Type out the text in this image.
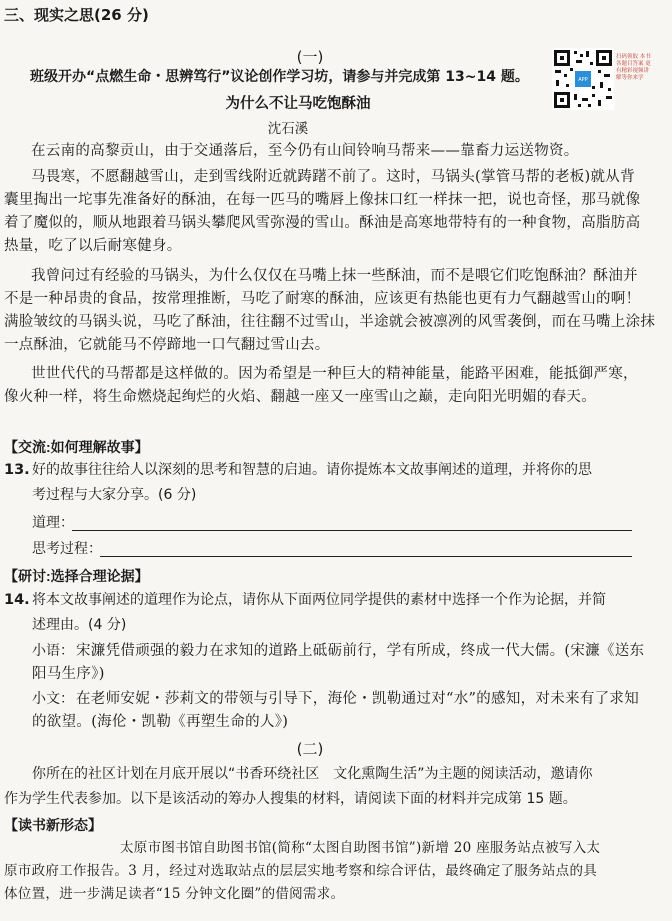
三、现实之思(26 分)
(一)
APP
扫码领取 本书各题目答案 更有精彩视频讲解等你来学
班级开办“点燃生命・思辨笃行”议论创作学习坊，请参与并完成第 13~14 题。
为什么不让马吃饱酥油
沈石溪
在云南的高黎贡山，由于交通落后，至今仍有山间铃响马帮来——靠畜力运送物资。
马畏寒，不愿翻越雪山，走到雪线附近就踌躇不前了。这时，马锅头(掌管马帮的老板)就从背
囊里掏出一坨事先准备好的酥油，在每一匹马的嘴唇上像抹口红一样抹一把，说也奇怪，那马就像
着了魔似的，顺从地跟着马锅头攀爬风雪弥漫的雪山。酥油是高寒地带特有的一种食物，高脂肪高
热量，吃了以后耐寒健身。
我曾问过有经验的马锅头，为什么仅仅在马嘴上抹一些酥油，而不是喂它们吃饱酥油？酥油并
不是一种昂贵的食品，按常理推断，马吃了耐寒的酥油，应该更有热能也更有力气翻越雪山的啊！
满脸皱纹的马锅头说，马吃了酥油，往往翻不过雪山，半途就会被凛冽的风雪袭倒，而在马嘴上涂抹
一点酥油，它就能马不停蹄地一口气翻过雪山去。
世世代代的马帮都是这样做的。因为希望是一种巨大的精神能量，能路平困难，能抵御严寒，
像火种一样，将生命燃烧起绚烂的火焰、翻越一座又一座雪山之巅，走向阳光明媚的春天。
【交流:如何理解故事】
13. 好的故事往往给人以深刻的思考和智慧的启迪。请你提炼本文故事阐述的道理，并将你的思
考过程与大家分享。(6 分)
道理：
思考过程：
【研讨:选择合理论据】
14. 将本文故事阐述的道理作为论点，请你从下面两位同学提供的素材中选择一个作为论据，并简
述理由。(4 分)
小语： 宋濂凭借顽强的毅力在求知的道路上砥砺前行，学有所成，终成一代大儒。(宋濂《送东
阳马生序》)
小文： 在老师安妮・莎莉文的带领与引导下，海伦・凯勒通过对“水”的感知，对未来有了求知
的欲望。(海伦・凯勒《再塑生命的人》)
(二)
你所在的社区计划在月底开展以“书香环绕社区　文化熏陶生活”为主题的阅读活动，邀请你
作为学生代表参加。以下是该活动的筹办人搜集的材料，请阅读下面的材料并完成第 15 题。
【读书新形态】
太原市图书馆自助图书馆(简称“太图自助图书馆”)新增 20 座服务站点被写入太
原市政府工作报告。3 月，经过对选取站点的层层实地考察和综合评估，最终确定了服务站点的具
体位置，进一步满足读者“15 分钟文化圈”的借阅需求。
